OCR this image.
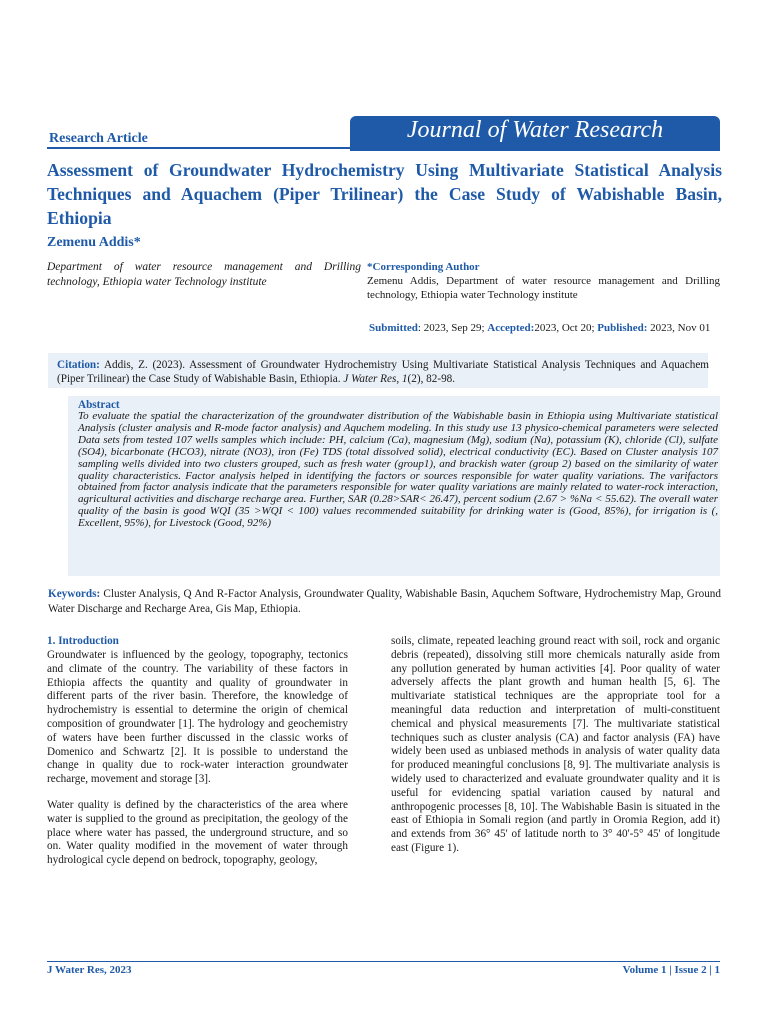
Research Article	Journal of Water Research
Assessment of Groundwater Hydrochemistry Using Multivariate Statistical Analysis Techniques and Aquachem (Piper Trilinear) the Case Study of Wabishable Basin, Ethiopia
Zemenu Addis*
Department of water resource management and Drilling technology, Ethiopia water Technology institute
*Corresponding Author
Zemenu Addis, Department of water resource management and Drilling technology, Ethiopia water Technology institute
Submitted: 2023, Sep 29; Accepted:2023, Oct 20; Published: 2023, Nov 01
Citation: Addis, Z. (2023). Assessment of Groundwater Hydrochemistry Using Multivariate Statistical Analysis Techniques and Aquachem (Piper Trilinear) the Case Study of Wabishable Basin, Ethiopia. J Water Res, 1(2), 82-98.
Abstract
To evaluate the spatial the characterization of the groundwater distribution of the Wabishable basin in Ethiopia using Multivariate statistical Analysis (cluster analysis and R-mode factor analysis) and Aquchem modeling. In this study use 13 physico-chemical parameters were selected Data sets from tested 107 wells samples which include: PH, calcium (Ca), magnesium (Mg), sodium (Na), potassium (K), chloride (Cl), sulfate (SO4), bicarbonate (HCO3), nitrate (NO3), iron (Fe) TDS (total dissolved solid), electrical conductivity (EC). Based on Cluster analysis 107 sampling wells divided into two clusters grouped, such as fresh water (group1), and brackish water (group 2) based on the similarity of water quality characteristics. Factor analysis helped in identifying the factors or sources responsible for water quality variations. The varifactors obtained from factor analysis indicate that the parameters responsible for water quality variations are mainly related to water-rock interaction, agricultural activities and discharge recharge area. Further, SAR (0.28>SAR< 26.47), percent sodium (2.67 > %Na < 55.62). The overall water quality of the basin is good WQI (35 >WQI < 100) values recommended suitability for drinking water is (Good, 85%), for irrigation is (, Excellent, 95%), for Livestock (Good, 92%)
Keywords: Cluster Analysis, Q And R-Factor Analysis, Groundwater Quality, Wabishable Basin, Aquchem Software, Hydrochemistry Map, Ground Water Discharge and Recharge Area, Gis Map, Ethiopia.
1. Introduction

Groundwater is influenced by the geology, topography, tectonics and climate of the country. The variability of these factors in Ethiopia affects the quantity and quality of groundwater in different parts of the river basin. Therefore, the knowledge of hydrochemistry is essential to determine the origin of chemical composition of groundwater [1]. The hydrology and geochemistry of waters have been further discussed in the classic works of Domenico and Schwartz [2]. It is possible to understand the change in quality due to rock-water interaction groundwater recharge, movement and storage [3].

Water quality is defined by the characteristics of the area where water is supplied to the ground as precipitation, the geology of the place where water has passed, the underground structure, and so on. Water quality modified in the movement of water through hydrological cycle depend on bedrock, topography, geology,

soils, climate, repeated leaching ground react with soil, rock and organic debris (repeated), dissolving still more chemicals naturally aside from any pollution generated by human activities [4]. Poor quality of water adversely affects the plant growth and human health [5, 6]. The multivariate statistical techniques are the appropriate tool for a meaningful data reduction and interpretation of multi-constituent chemical and physical measurements [7]. The multivariate statistical techniques such as cluster analysis (CA) and factor analysis (FA) have widely been used as unbiased methods in analysis of water quality data for produced meaningful conclusions [8, 9]. The multivariate analysis is widely used to characterized and evaluate groundwater quality and it is useful for evidencing spatial variation caused by natural and anthropogenic processes [8, 10]. The Wabishable Basin is situated in the east of Ethiopia in Somali region (and partly in Oromia Region, add it) and extends from 36° 45' of latitude north to 3° 40'-5° 45' of longitude east (Figure 1).

J Water Res, 2023	Volume 1 | Issue 2 | 1
